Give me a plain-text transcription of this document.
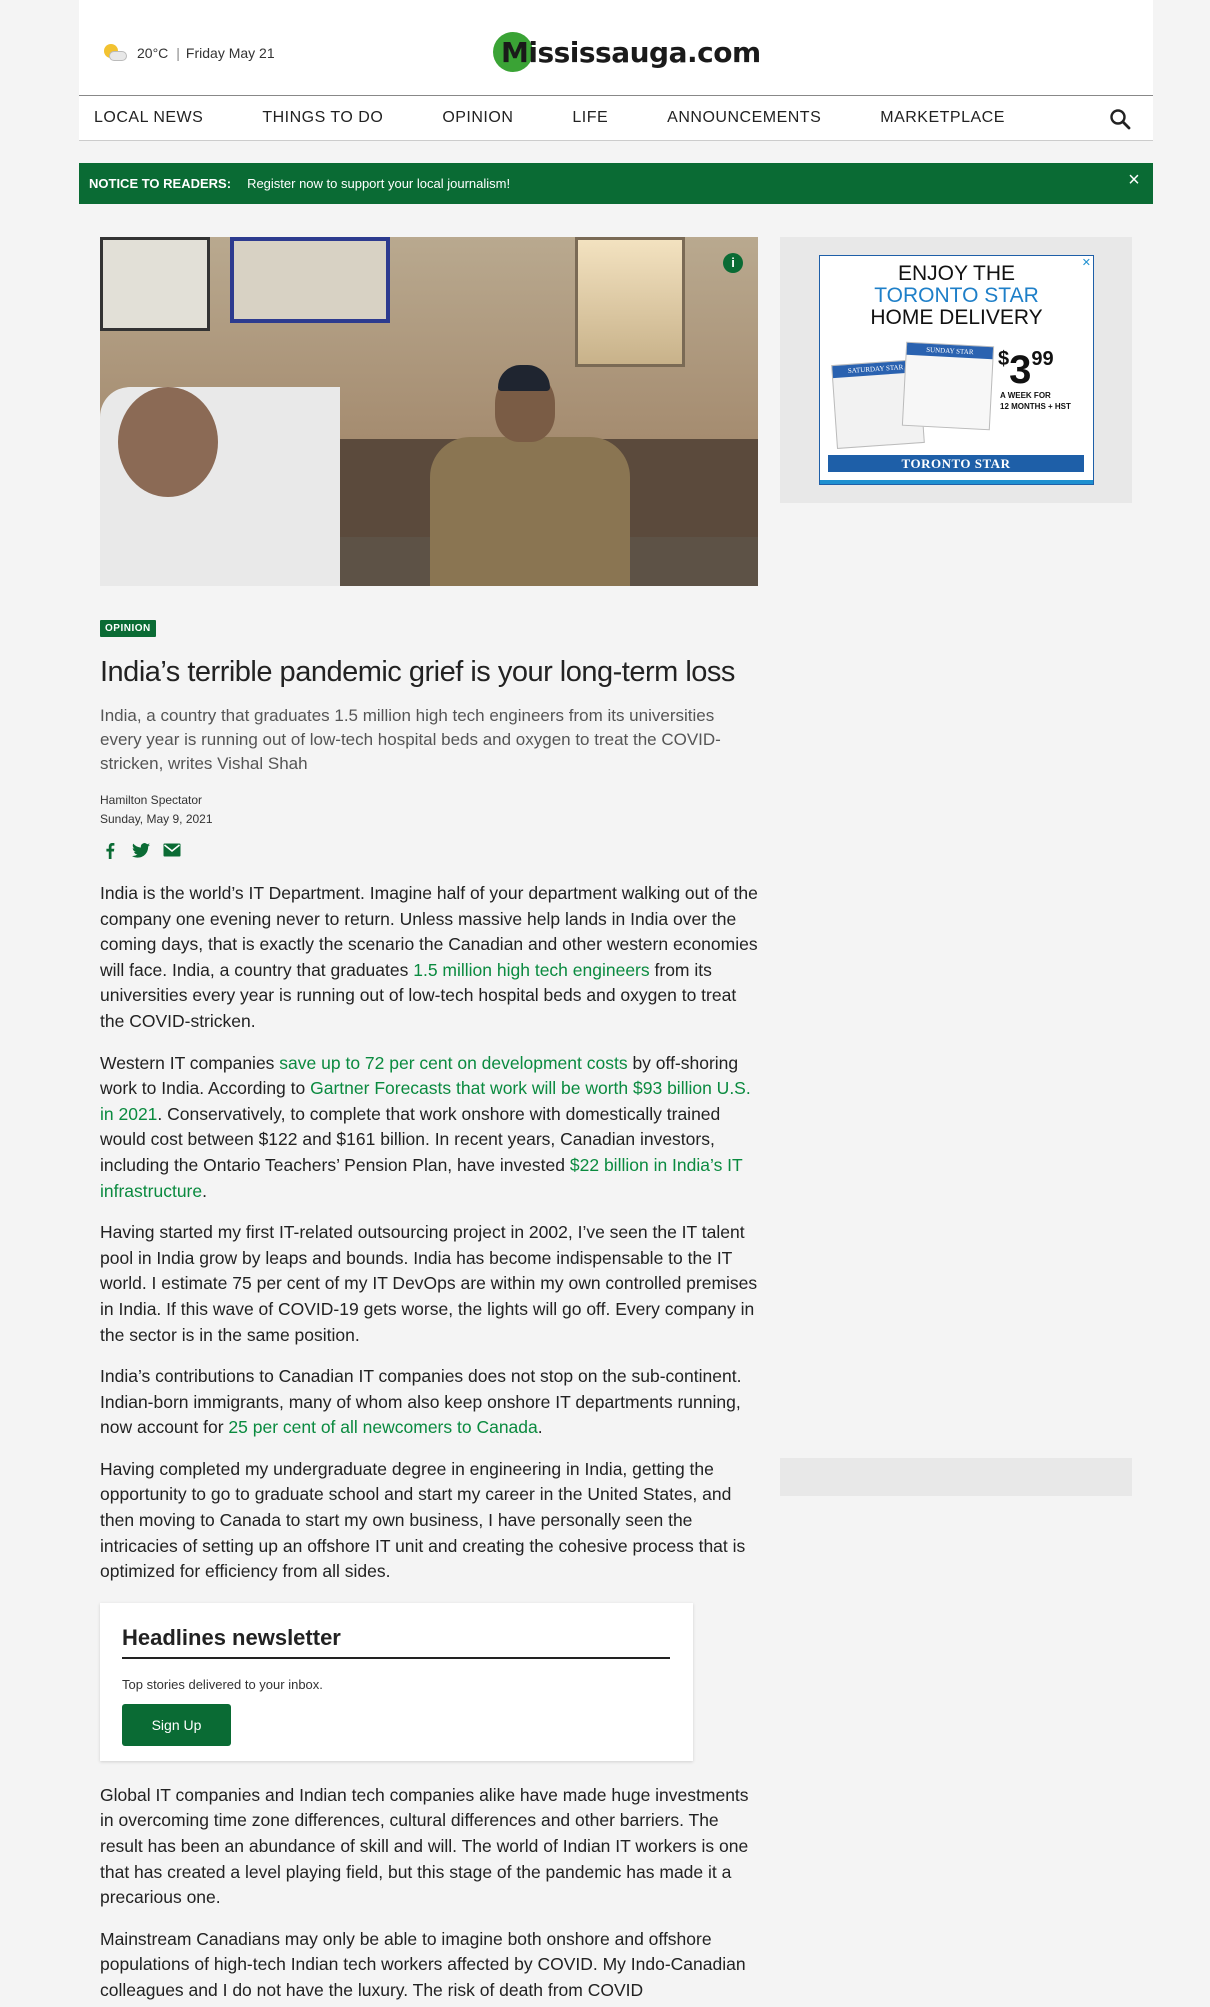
20°C | Friday May 21	Mississauga.com
LOCAL NEWS	THINGS TO DO	OPINION	LIFE	ANNOUNCEMENTS	MARKETPLACE
NOTICE TO READERS: Register now to support your local journalism!	×
i	✕
ENJOY THE
TORONTO STAR
HOME DELIVERY
SATURDAY STAR
SUNDAY STAR	$399
A WEEK FOR
12 MONTHS + HST
TORONTO STAR
OPINION
India’s terrible pandemic grief is your long-term loss

India, a country that graduates 1.5 million high tech engineers from its universities every year is running out of low-tech hospital beds and oxygen to treat the COVID-stricken, writes Vishal Shah

Hamilton Spectator
Sunday, May 9, 2021

India is the world’s IT Department. Imagine half of your department walking out of the company one evening never to return. Unless massive help lands in India over the coming days, that is exactly the scenario the Canadian and other western economies will face. India, a country that graduates 1.5 million high tech engineers from its universities every year is running out of low-tech hospital beds and oxygen to treat the COVID-stricken.

Western IT companies save up to 72 per cent on development costs by off-shoring work to India. According to Gartner Forecasts that work will be worth $93 billion U.S. in 2021. Conservatively, to complete that work onshore with domestically trained would cost between $122 and $161 billion. In recent years, Canadian investors, including the Ontario Teachers’ Pension Plan, have invested $22 billion in India’s IT infrastructure.

Having started my first IT-related outsourcing project in 2002, I’ve seen the IT talent pool in India grow by leaps and bounds. India has become indispensable to the IT world. I estimate 75 per cent of my IT DevOps are within my own controlled premises in India. If this wave of COVID-19 gets worse, the lights will go off. Every company in the sector is in the same position.

India’s contributions to Canadian IT companies does not stop on the sub-continent. Indian-born immigrants, many of whom also keep onshore IT departments running, now account for 25 per cent of all newcomers to Canada.

Having completed my undergraduate degree in engineering in India, getting the opportunity to go to graduate school and start my career in the United States, and then moving to Canada to start my own business, I have personally seen the intricacies of setting up an offshore IT unit and creating the cohesive process that is optimized for efficiency from all sides.

Headlines newsletter
Top stories delivered to your inbox.
Sign Up

Global IT companies and Indian tech companies alike have made huge investments in overcoming time zone differences, cultural differences and other barriers. The result has been an abundance of skill and will. The world of Indian IT workers is one that has created a level playing field, but this stage of the pandemic has made it a precarious one.

Mainstream Canadians may only be able to imagine both onshore and offshore populations of high-tech Indian tech workers affected by COVID. My Indo-Canadian colleagues and I do not have the luxury. The risk of death from COVID
